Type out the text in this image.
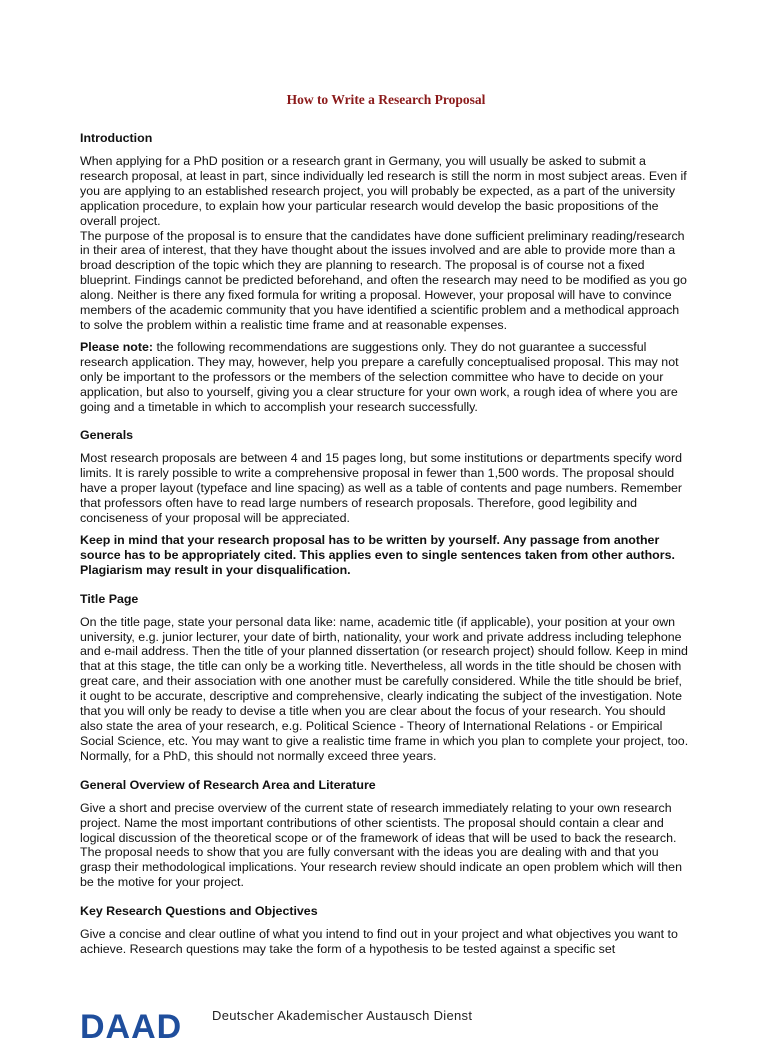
How to Write a Research Proposal
Introduction

When applying for a PhD position or a research grant in Germany, you will usually be asked to submit a research proposal, at least in part, since individually led research is still the norm in most subject areas. Even if you are applying to an established research project, you will probably be expected, as a part of the university application procedure, to explain how your particular research would develop the basic propositions of the overall project.

The purpose of the proposal is to ensure that the candidates have done sufficient preliminary reading/research in their area of interest, that they have thought about the issues involved and are able to provide more than a broad description of the topic which they are planning to research. The proposal is of course not a fixed blueprint. Findings cannot be predicted beforehand, and often the research may need to be modified as you go along. Neither is there any fixed formula for writing a proposal. However, your proposal will have to convince members of the academic community that you have identified a scientific problem and a methodical approach to solve the problem within a realistic time frame and at reasonable expenses.

Please note: the following recommendations are suggestions only. They do not guarantee a successful research application. They may, however, help you prepare a carefully conceptualised proposal. This may not only be important to the professors or the members of the selection committee who have to decide on your application, but also to yourself, giving you a clear structure for your own work, a rough idea of where you are going and a timetable in which to accomplish your research successfully.

Generals

Most research proposals are between 4 and 15 pages long, but some institutions or departments specify word limits. It is rarely possible to write a comprehensive proposal in fewer than 1,500 words. The proposal should have a proper layout (typeface and line spacing) as well as a table of contents and page numbers. Remember that professors often have to read large numbers of research proposals. Therefore, good legibility and conciseness of your proposal will be appreciated.

Keep in mind that your research proposal has to be written by yourself. Any passage from another source has to be appropriately cited. This applies even to single sentences taken from other authors. Plagiarism may result in your disqualification.

Title Page

On the title page, state your personal data like: name, academic title (if applicable), your position at your own university, e.g. junior lecturer, your date of birth, nationality, your work and private address including telephone and e-mail address. Then the title of your planned dissertation (or research project) should follow. Keep in mind that at this stage, the title can only be a working title. Nevertheless, all words in the title should be chosen with great care, and their association with one another must be carefully considered. While the title should be brief, it ought to be accurate, descriptive and comprehensive, clearly indicating the subject of the investigation. Note that you will only be ready to devise a title when you are clear about the focus of your research. You should also state the area of your research, e.g. Political Science - Theory of International Relations - or Empirical Social Science, etc. You may want to give a realistic time frame in which you plan to complete your project, too. Normally, for a PhD, this should not normally exceed three years.

General Overview of Research Area and Literature

Give a short and precise overview of the current state of research immediately relating to your own research project. Name the most important contributions of other scientists. The proposal should contain a clear and logical discussion of the theoretical scope or of the framework of ideas that will be used to back the research. The proposal needs to show that you are fully conversant with the ideas you are dealing with and that you grasp their methodological implications. Your research review should indicate an open problem which will then be the motive for your project.

Key Research Questions and Objectives

Give a concise and clear outline of what you intend to find out in your project and what objectives you want to achieve. Research questions may take the form of a hypothesis to be tested against a specific set

DAAD Deutscher Akademischer Austausch Dienst
